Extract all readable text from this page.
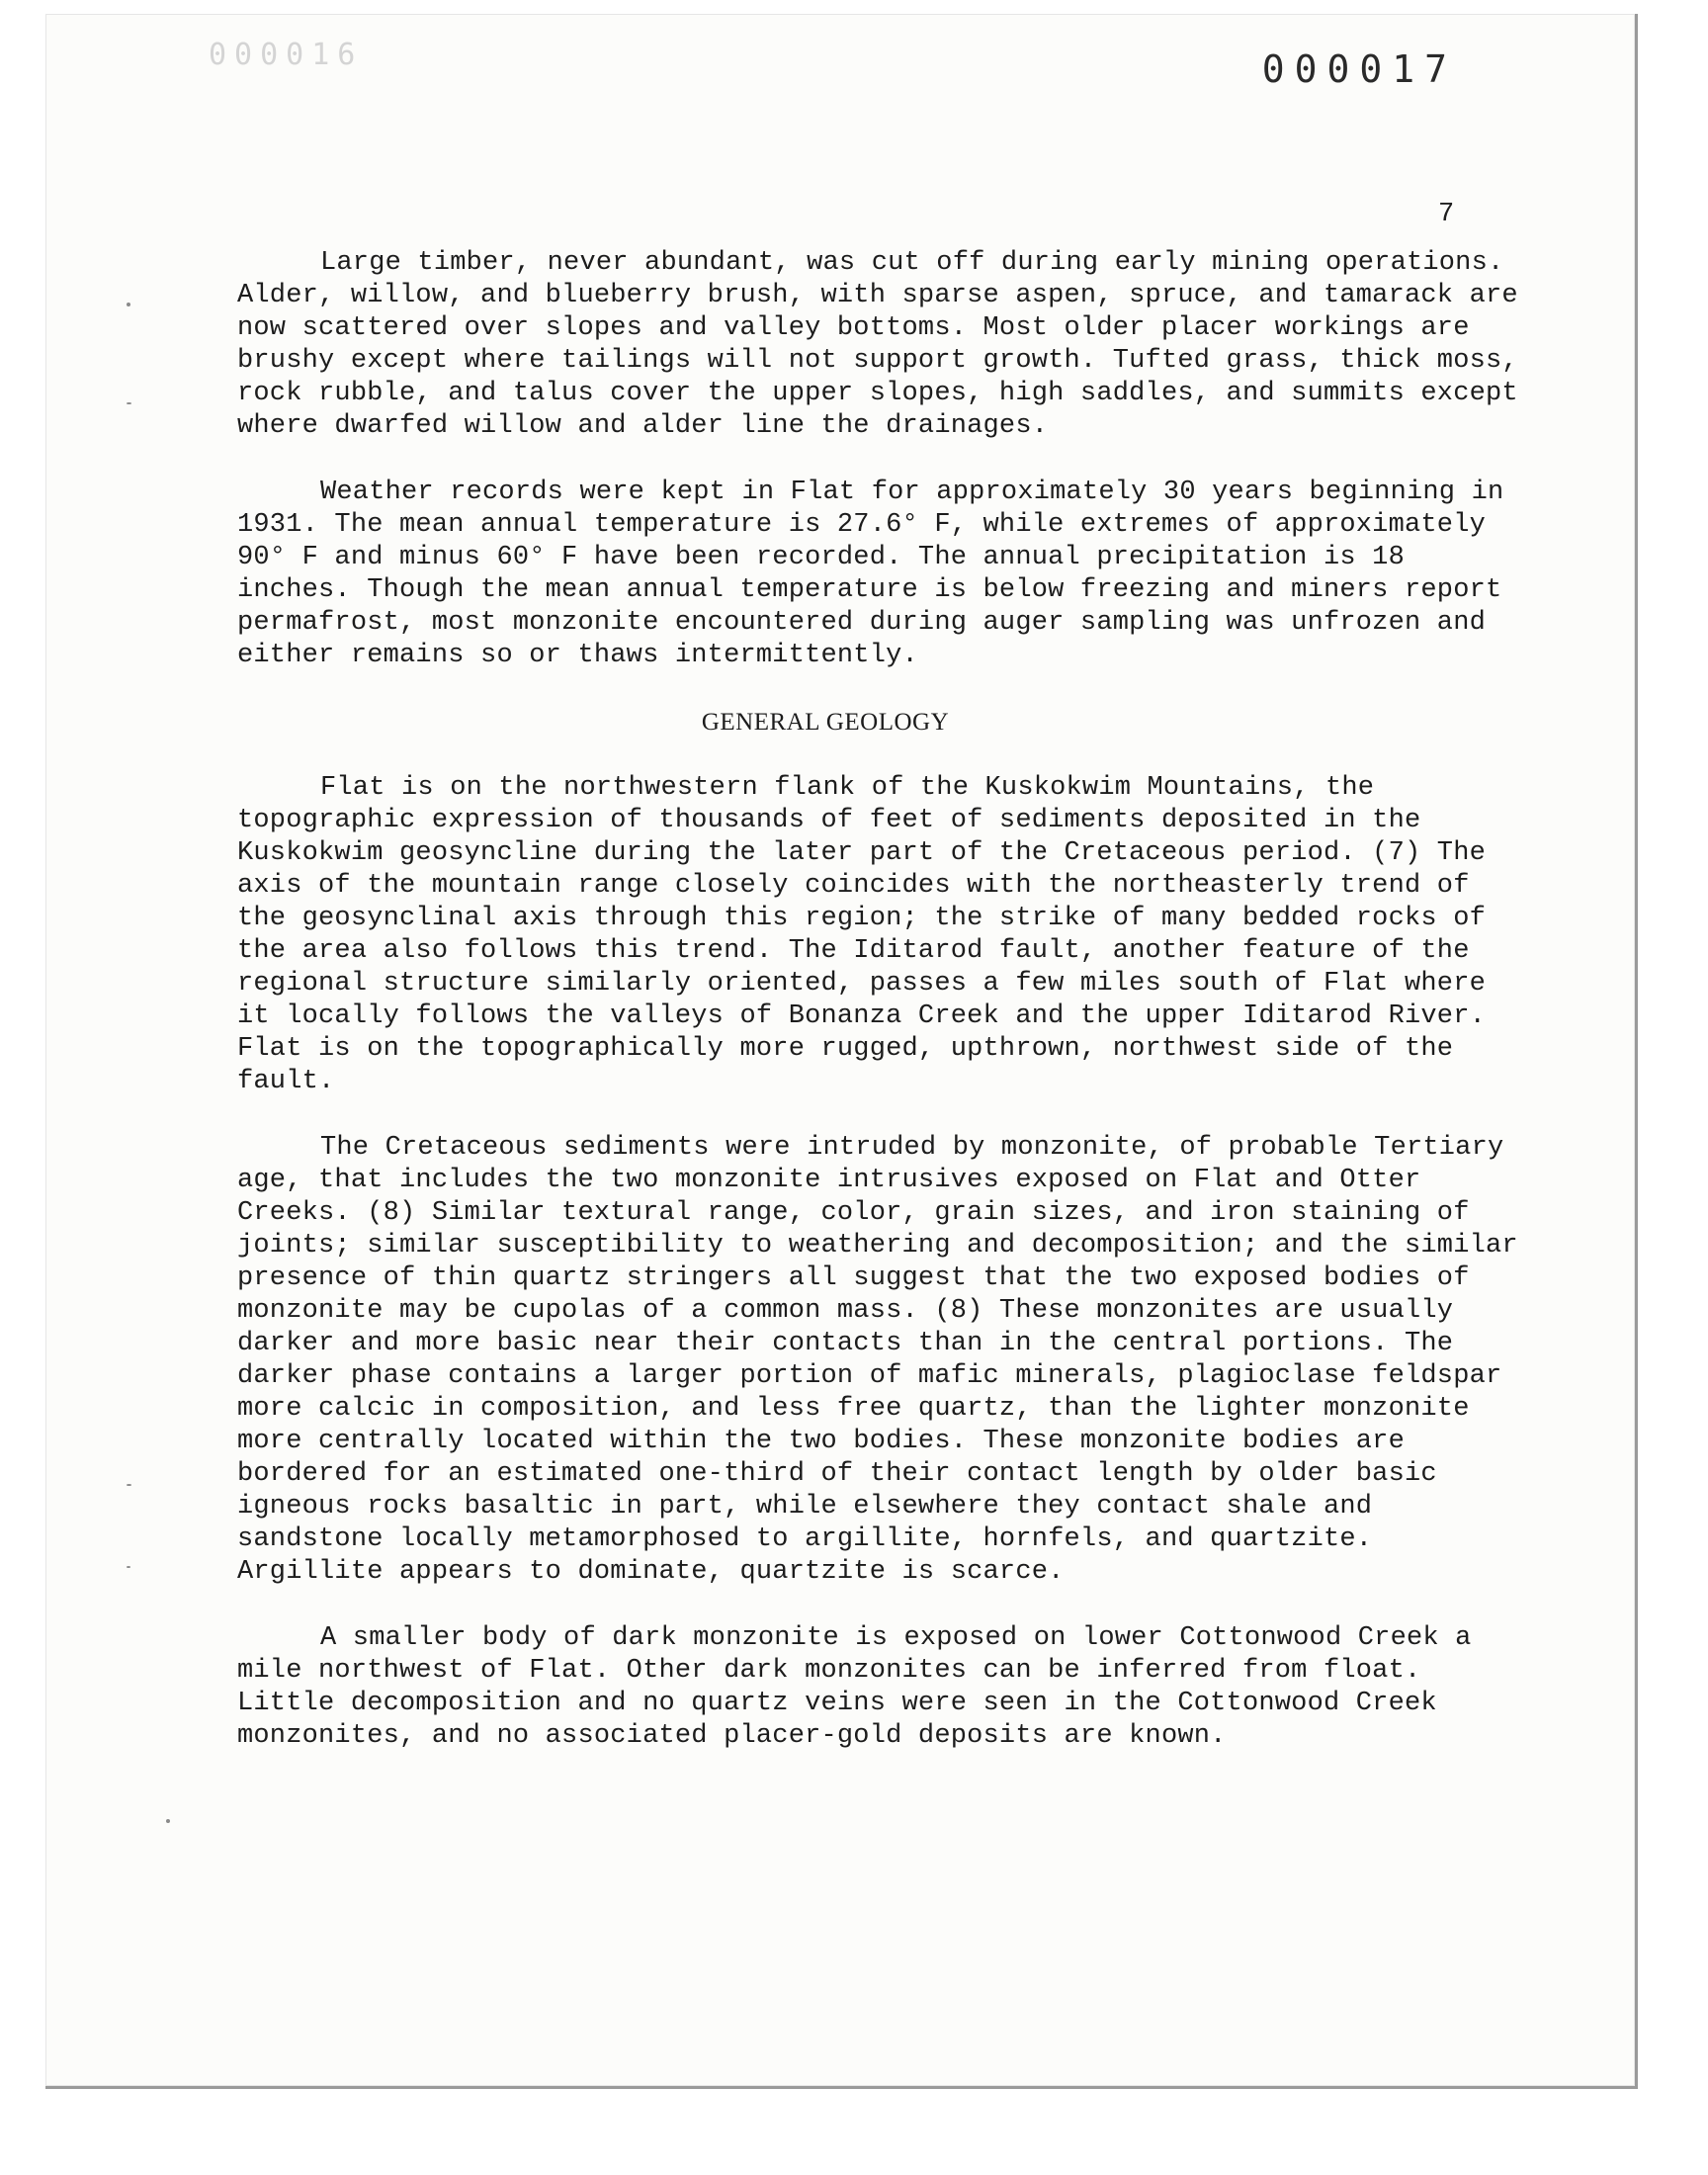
000016	000017

7

Large timber, never abundant, was cut off during early mining operations. Alder, willow, and blueberry brush, with sparse aspen, spruce, and tamarack are now scattered over slopes and valley bottoms. Most older placer workings are brushy except where tailings will not support growth. Tufted grass, thick moss, rock rubble, and talus cover the upper slopes, high saddles, and summits except where dwarfed willow and alder line the drainages.

Weather records were kept in Flat for approximately 30 years beginning in 1931. The mean annual temperature is 27.6° F, while extremes of approximately 90° F and minus 60° F have been recorded. The annual precipitation is 18 inches. Though the mean annual temperature is below freezing and miners report permafrost, most monzonite encountered during auger sampling was unfrozen and either remains so or thaws intermittently.

GENERAL GEOLOGY

Flat is on the northwestern flank of the Kuskokwim Mountains, the topographic expression of thousands of feet of sediments deposited in the Kuskokwim geosyncline during the later part of the Cretaceous period. (7) The axis of the mountain range closely coincides with the northeasterly trend of the geosynclinal axis through this region; the strike of many bedded rocks of the area also follows this trend. The Iditarod fault, another feature of the regional structure similarly oriented, passes a few miles south of Flat where it locally follows the valleys of Bonanza Creek and the upper Iditarod River. Flat is on the topographically more rugged, upthrown, northwest side of the fault.

The Cretaceous sediments were intruded by monzonite, of probable Tertiary age, that includes the two monzonite intrusives exposed on Flat and Otter Creeks. (8) Similar textural range, color, grain sizes, and iron staining of joints; similar susceptibility to weathering and decomposition; and the similar presence of thin quartz stringers all suggest that the two exposed bodies of monzonite may be cupolas of a common mass. (8) These monzonites are usually darker and more basic near their contacts than in the central portions. The darker phase contains a larger portion of mafic minerals, plagioclase feldspar more calcic in composition, and less free quartz, than the lighter monzonite more centrally located within the two bodies. These monzonite bodies are bordered for an estimated one-third of their contact length by older basic igneous rocks basaltic in part, while elsewhere they contact shale and sandstone locally metamorphosed to argillite, hornfels, and quartzite. Argillite appears to dominate, quartzite is scarce.

A smaller body of dark monzonite is exposed on lower Cottonwood Creek a mile northwest of Flat. Other dark monzonites can be inferred from float. Little decomposition and no quartz veins were seen in the Cottonwood Creek monzonites, and no associated placer-gold deposits are known.
